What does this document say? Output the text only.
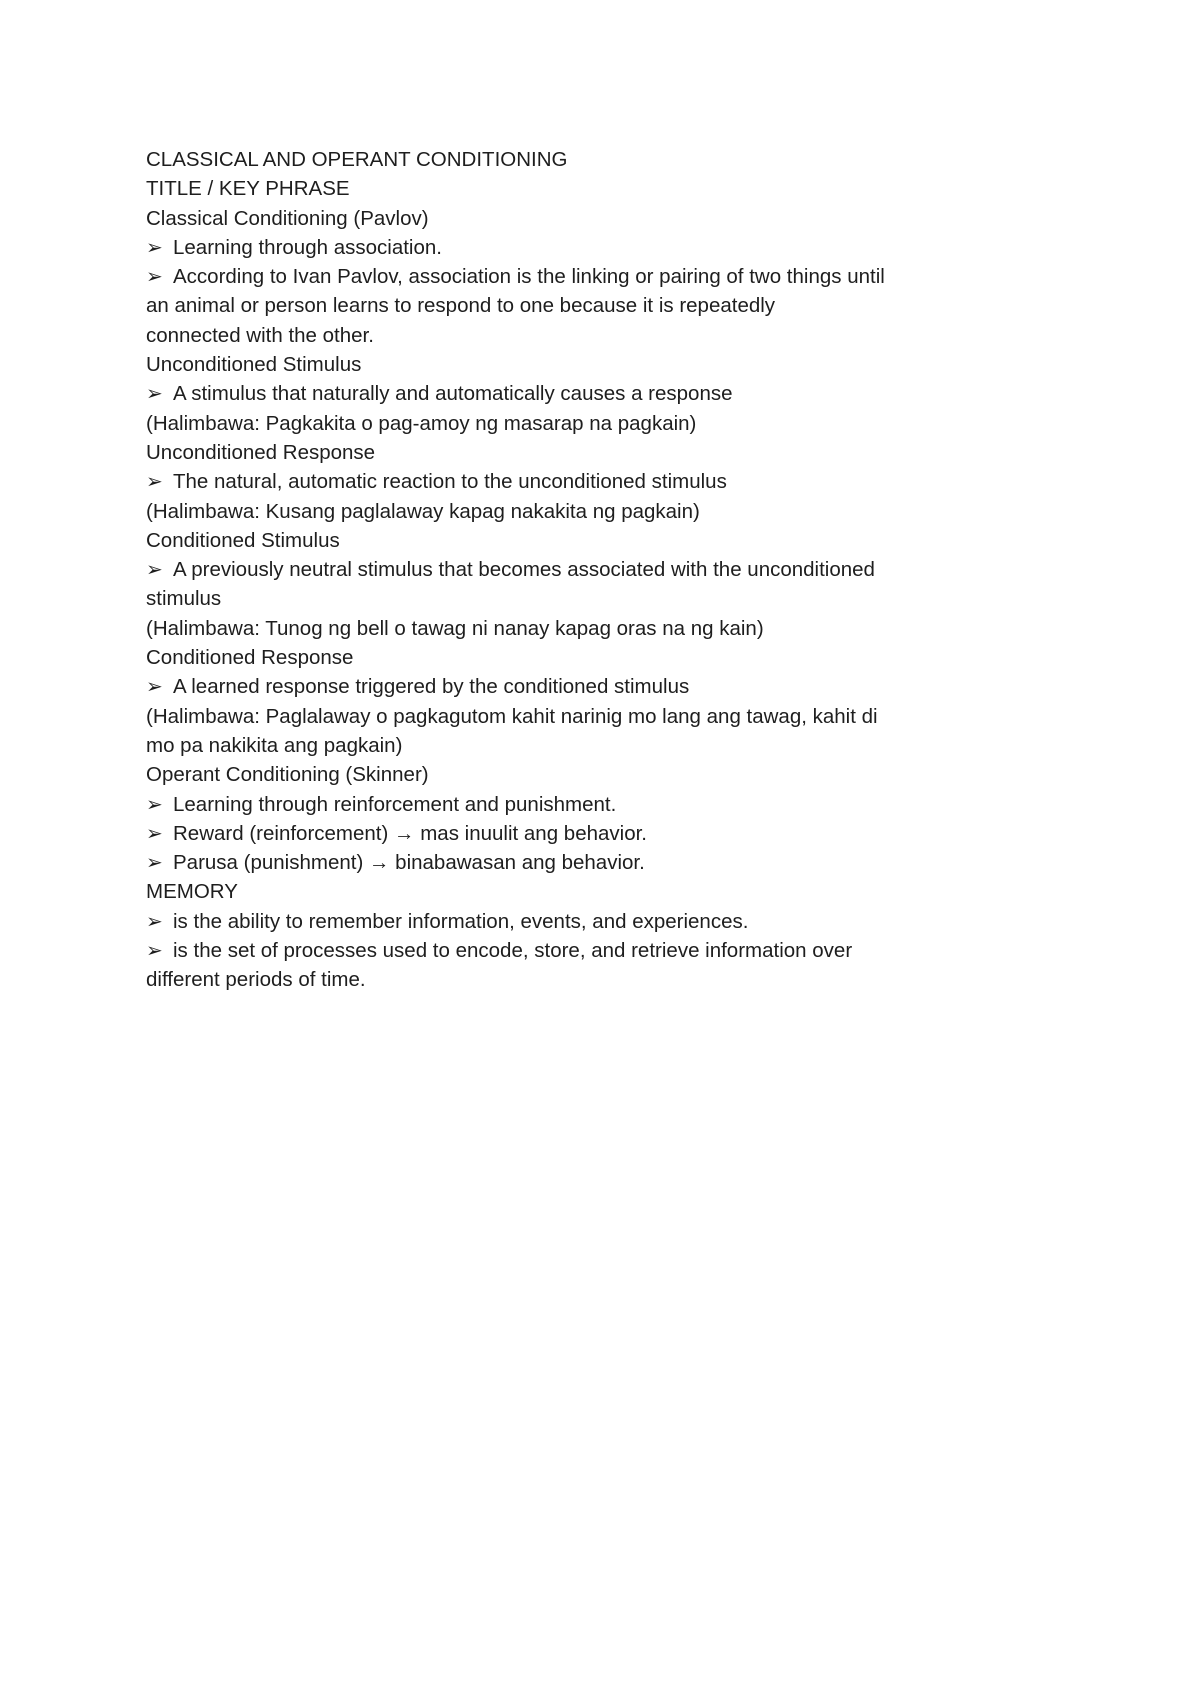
CLASSICAL AND OPERANT CONDITIONING
TITLE / KEY PHRASE
Classical Conditioning (Pavlov)
➢ Learning through association.
➢ According to Ivan Pavlov, association is the linking or pairing of two things until
an animal or person learns to respond to one because it is repeatedly
connected with the other.
Unconditioned Stimulus
➢ A stimulus that naturally and automatically causes a response
(Halimbawa: Pagkakita o pag-amoy ng masarap na pagkain)
Unconditioned Response
➢ The natural, automatic reaction to the unconditioned stimulus
(Halimbawa: Kusang paglalaway kapag nakakita ng pagkain)
Conditioned Stimulus
➢ A previously neutral stimulus that becomes associated with the unconditioned
stimulus
(Halimbawa: Tunog ng bell o tawag ni nanay kapag oras na ng kain)
Conditioned Response
➢ A learned response triggered by the conditioned stimulus
(Halimbawa: Paglalaway o pagkagutom kahit narinig mo lang ang tawag, kahit di
mo pa nakikita ang pagkain)
Operant Conditioning (Skinner)
➢ Learning through reinforcement and punishment.
➢ Reward (reinforcement) → mas inuulit ang behavior.
➢ Parusa (punishment) → binabawasan ang behavior.
MEMORY
➢ is the ability to remember information, events, and experiences.
➢ is the set of processes used to encode, store, and retrieve information over
different periods of time.
